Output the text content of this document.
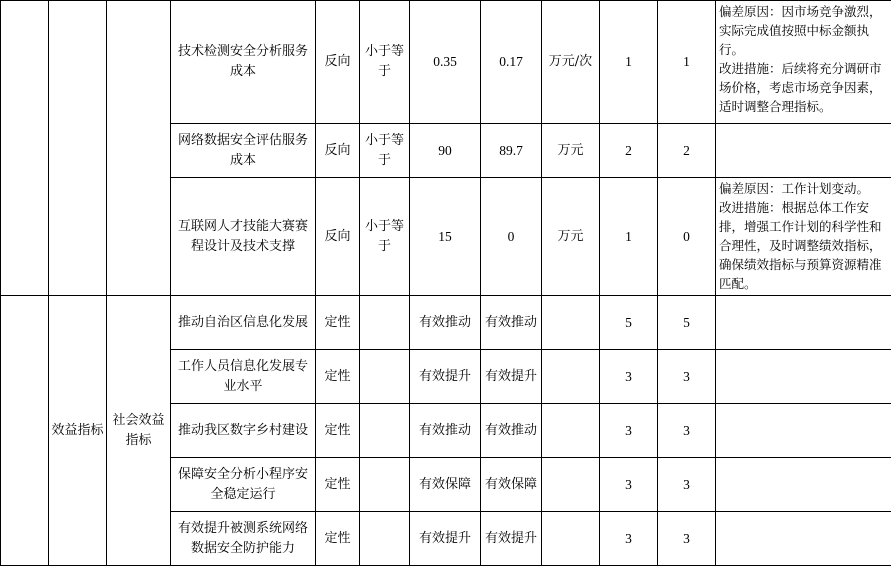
			技术检测安全分析服务成本	反向	小于等于	0.35	0.17	万元/次	1	1	偏差原因：因市场竞争激烈，实际完成值按照中标金额执行。
改进措施：后续将充分调研市场价格，考虑市场竞争因素，适时调整合理指标。
			网络数据安全评估服务成本	反向	小于等于	90	89.7	万元	2	2	
			互联网人才技能大赛赛程设计及技术支撑	反向	小于等于	15	0	万元	1	0	偏差原因：工作计划变动。
改进措施：根据总体工作安排，增强工作计划的科学性和合理性，及时调整绩效指标，确保绩效指标与预算资源精准匹配。
	效益指标	社会效益指标	推动自治区信息化发展	定性		有效推动	有效推动		5	5	
			工作人员信息化发展专业水平	定性		有效提升	有效提升		3	3	
			推动我区数字乡村建设	定性		有效推动	有效推动		3	3	
			保障安全分析小程序安全稳定运行	定性		有效保障	有效保障		3	3	
			有效提升被测系统网络数据安全防护能力	定性		有效提升	有效提升		3	3	
